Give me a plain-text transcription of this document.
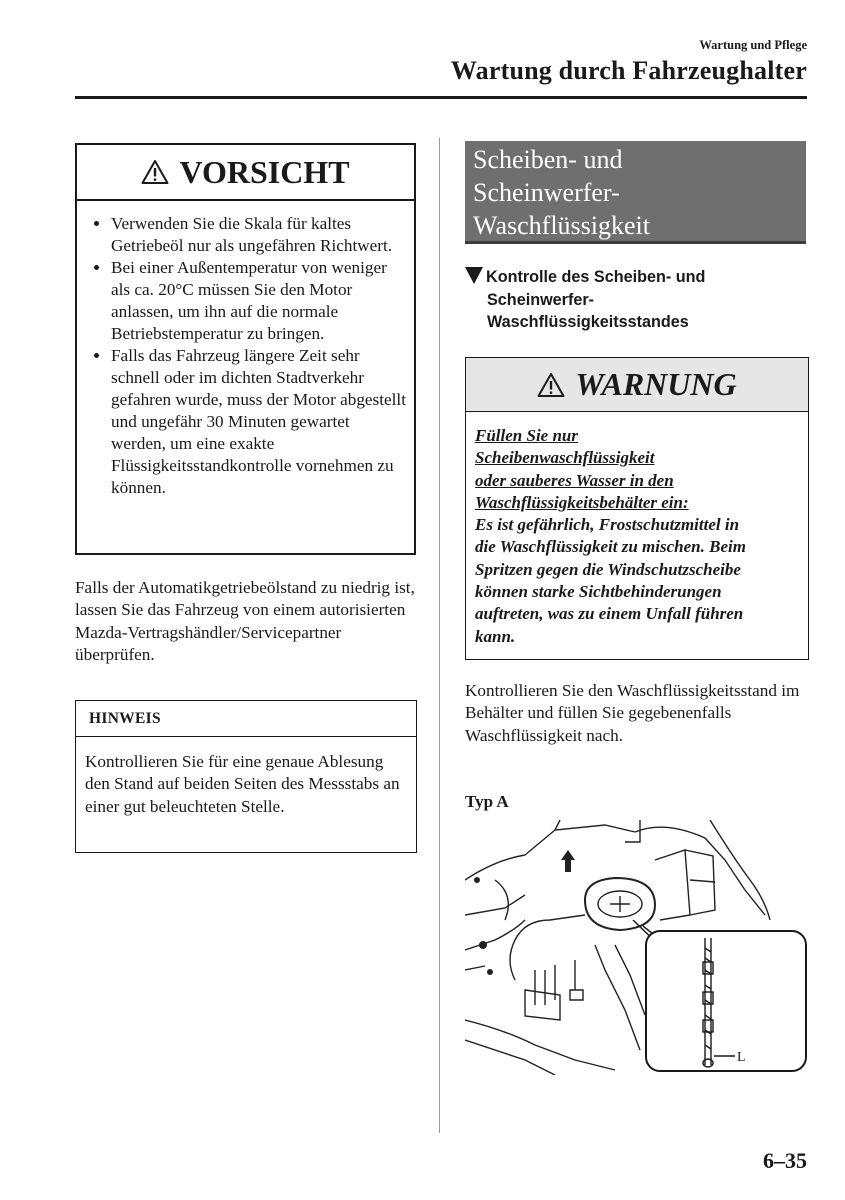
Wartung und Pflege
Wartung durch Fahrzeughalter
VORSICHT
• Verwenden Sie die Skala für kaltes Getriebeöl nur als ungefähren Richtwert.
• Bei einer Außentemperatur von weniger als ca. 20°C müssen Sie den Motor anlassen, um ihn auf die normale Betriebstemperatur zu bringen.
• Falls das Fahrzeug längere Zeit sehr schnell oder im dichten Stadtverkehr gefahren wurde, muss der Motor abgestellt und ungefähr 30 Minuten gewartet werden, um eine exakte Flüssigkeitsstandkontrolle vornehmen zu können.
Falls der Automatikgetriebeölstand zu niedrig ist, lassen Sie das Fahrzeug von einem autorisierten Mazda-Vertragshändler/Servicepartner überprüfen.
HINWEIS
Kontrollieren Sie für eine genaue Ablesung den Stand auf beiden Seiten des Messstabs an einer gut beleuchteten Stelle.
Scheiben- und
Scheinwerfer-
Waschflüssigkeit
Kontrolle des Scheiben- und
Scheinwerfer-
Waschflüssigkeitsstandes
WARNUNG
Füllen Sie nur
Scheibenwaschflüssigkeit
oder sauberes Wasser in den
Waschflüssigkeitsbehälter ein:
Es ist gefährlich, Frostschutzmittel in
die Waschflüssigkeit zu mischen. Beim
Spritzen gegen die Windschutzscheibe
können starke Sichtbehinderungen
auftreten, was zu einem Unfall führen
kann.
Kontrollieren Sie den Waschflüssigkeitsstand im Behälter und füllen Sie gegebenenfalls Waschflüssigkeit nach.
Typ A
L
6–35
